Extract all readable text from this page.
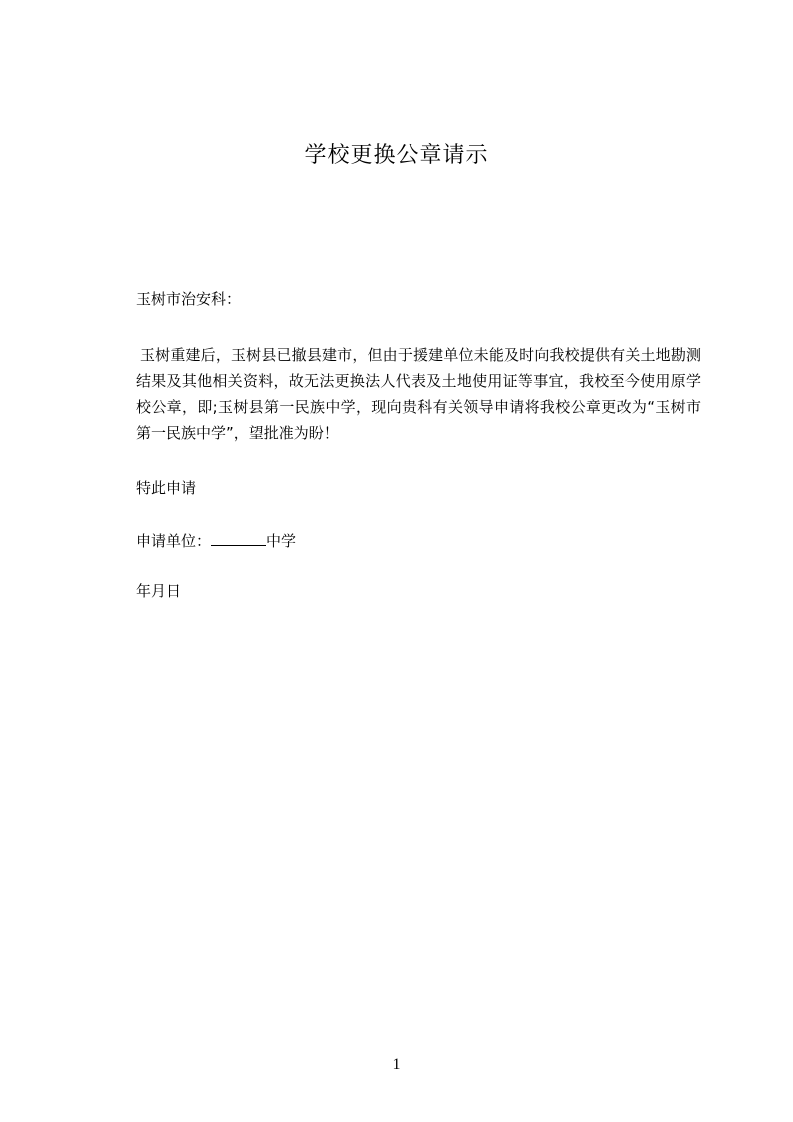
学校更换公章请示
玉树市治安科：
玉树重建后，玉树县已撤县建市，但由于援建单位未能及时向我校提供有关土地勘测结果及其他相关资料，故无法更换法人代表及土地使用证等事宜，我校至今使用原学校公章，即;玉树县第一民族中学，现向贵科有关领导申请将我校公章更改为“玉树市第一民族中学”，望批准为盼！
特此申请
申请单位：	中学
年月日
1
